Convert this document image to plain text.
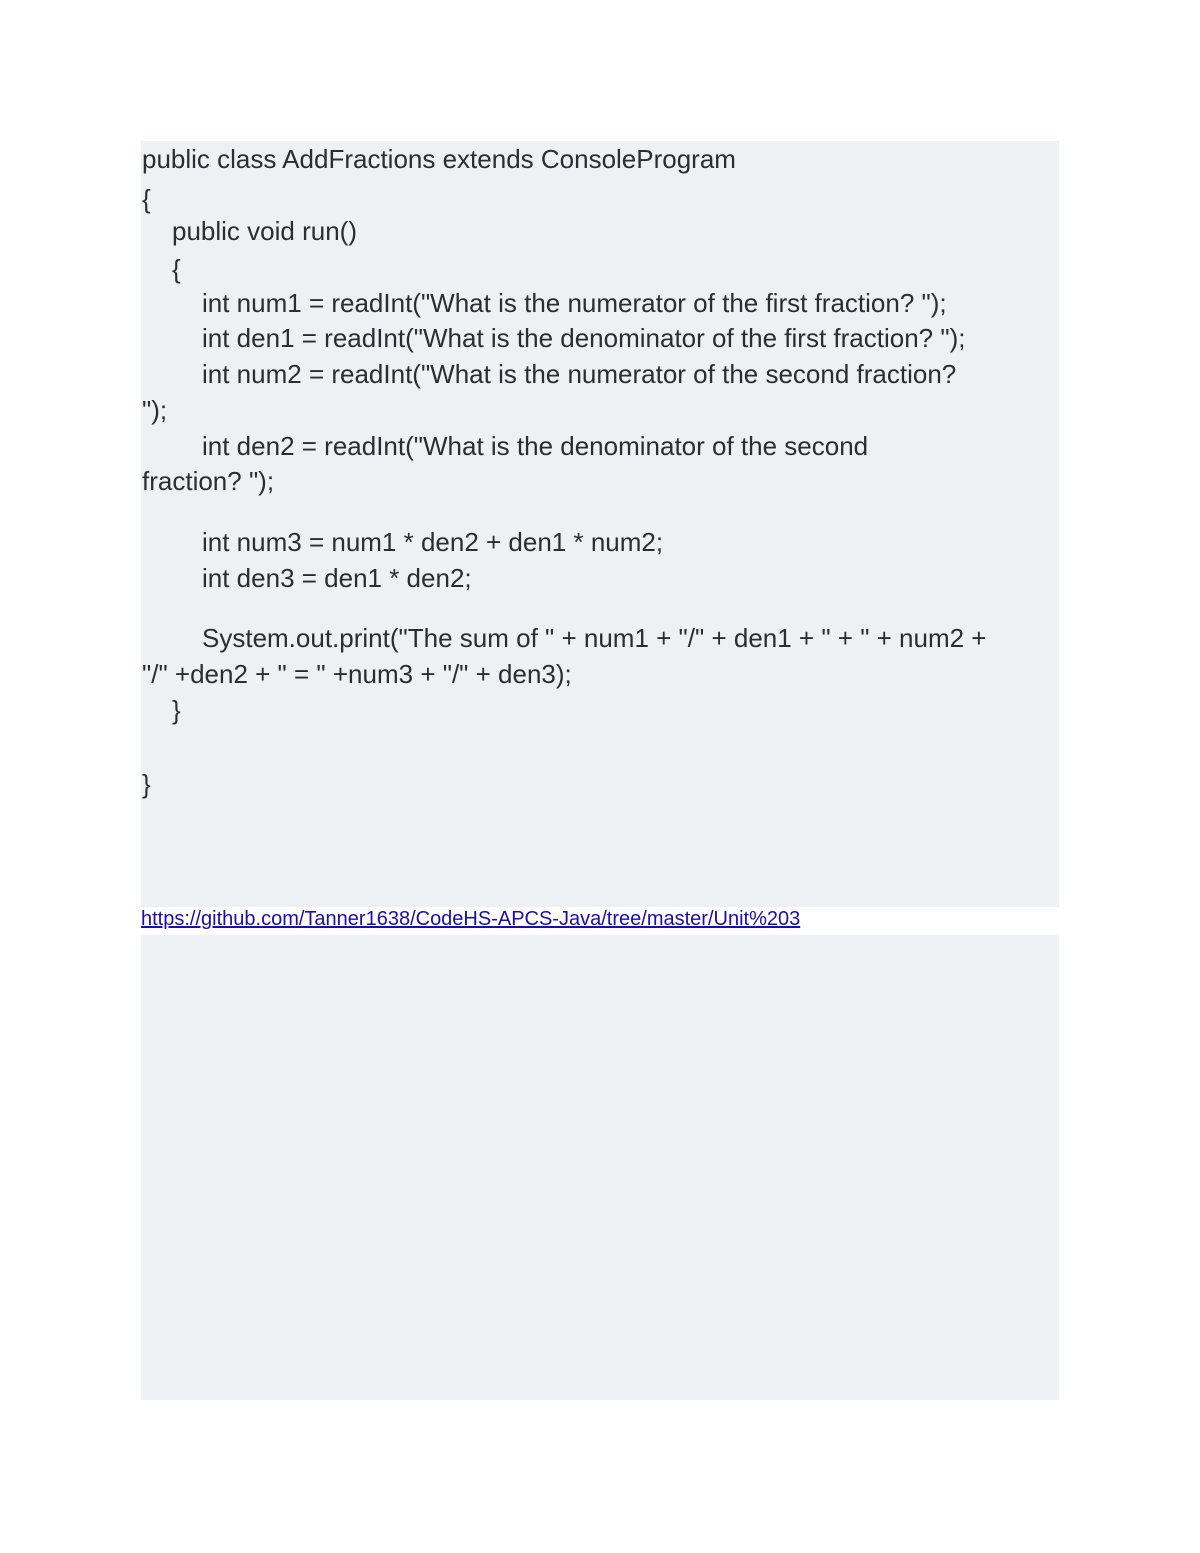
public class AddFractions extends ConsoleProgram
{
public void run()
{
int num1 = readInt("What is the numerator of the first fraction? ");
int den1 = readInt("What is the denominator of the first fraction? ");
int num2 = readInt("What is the numerator of the second fraction?
");
int den2 = readInt("What is the denominator of the second
fraction? ");
int num3 = num1 * den2 + den1 * num2;
int den3 = den1 * den2;
System.out.print("The sum of " + num1 + "/" + den1 + " + " + num2 +
"/" +den2 + " = " +num3 + "/" + den3);
}
}
https://github.com/Tanner1638/CodeHS-APCS-Java/tree/master/Unit%203
